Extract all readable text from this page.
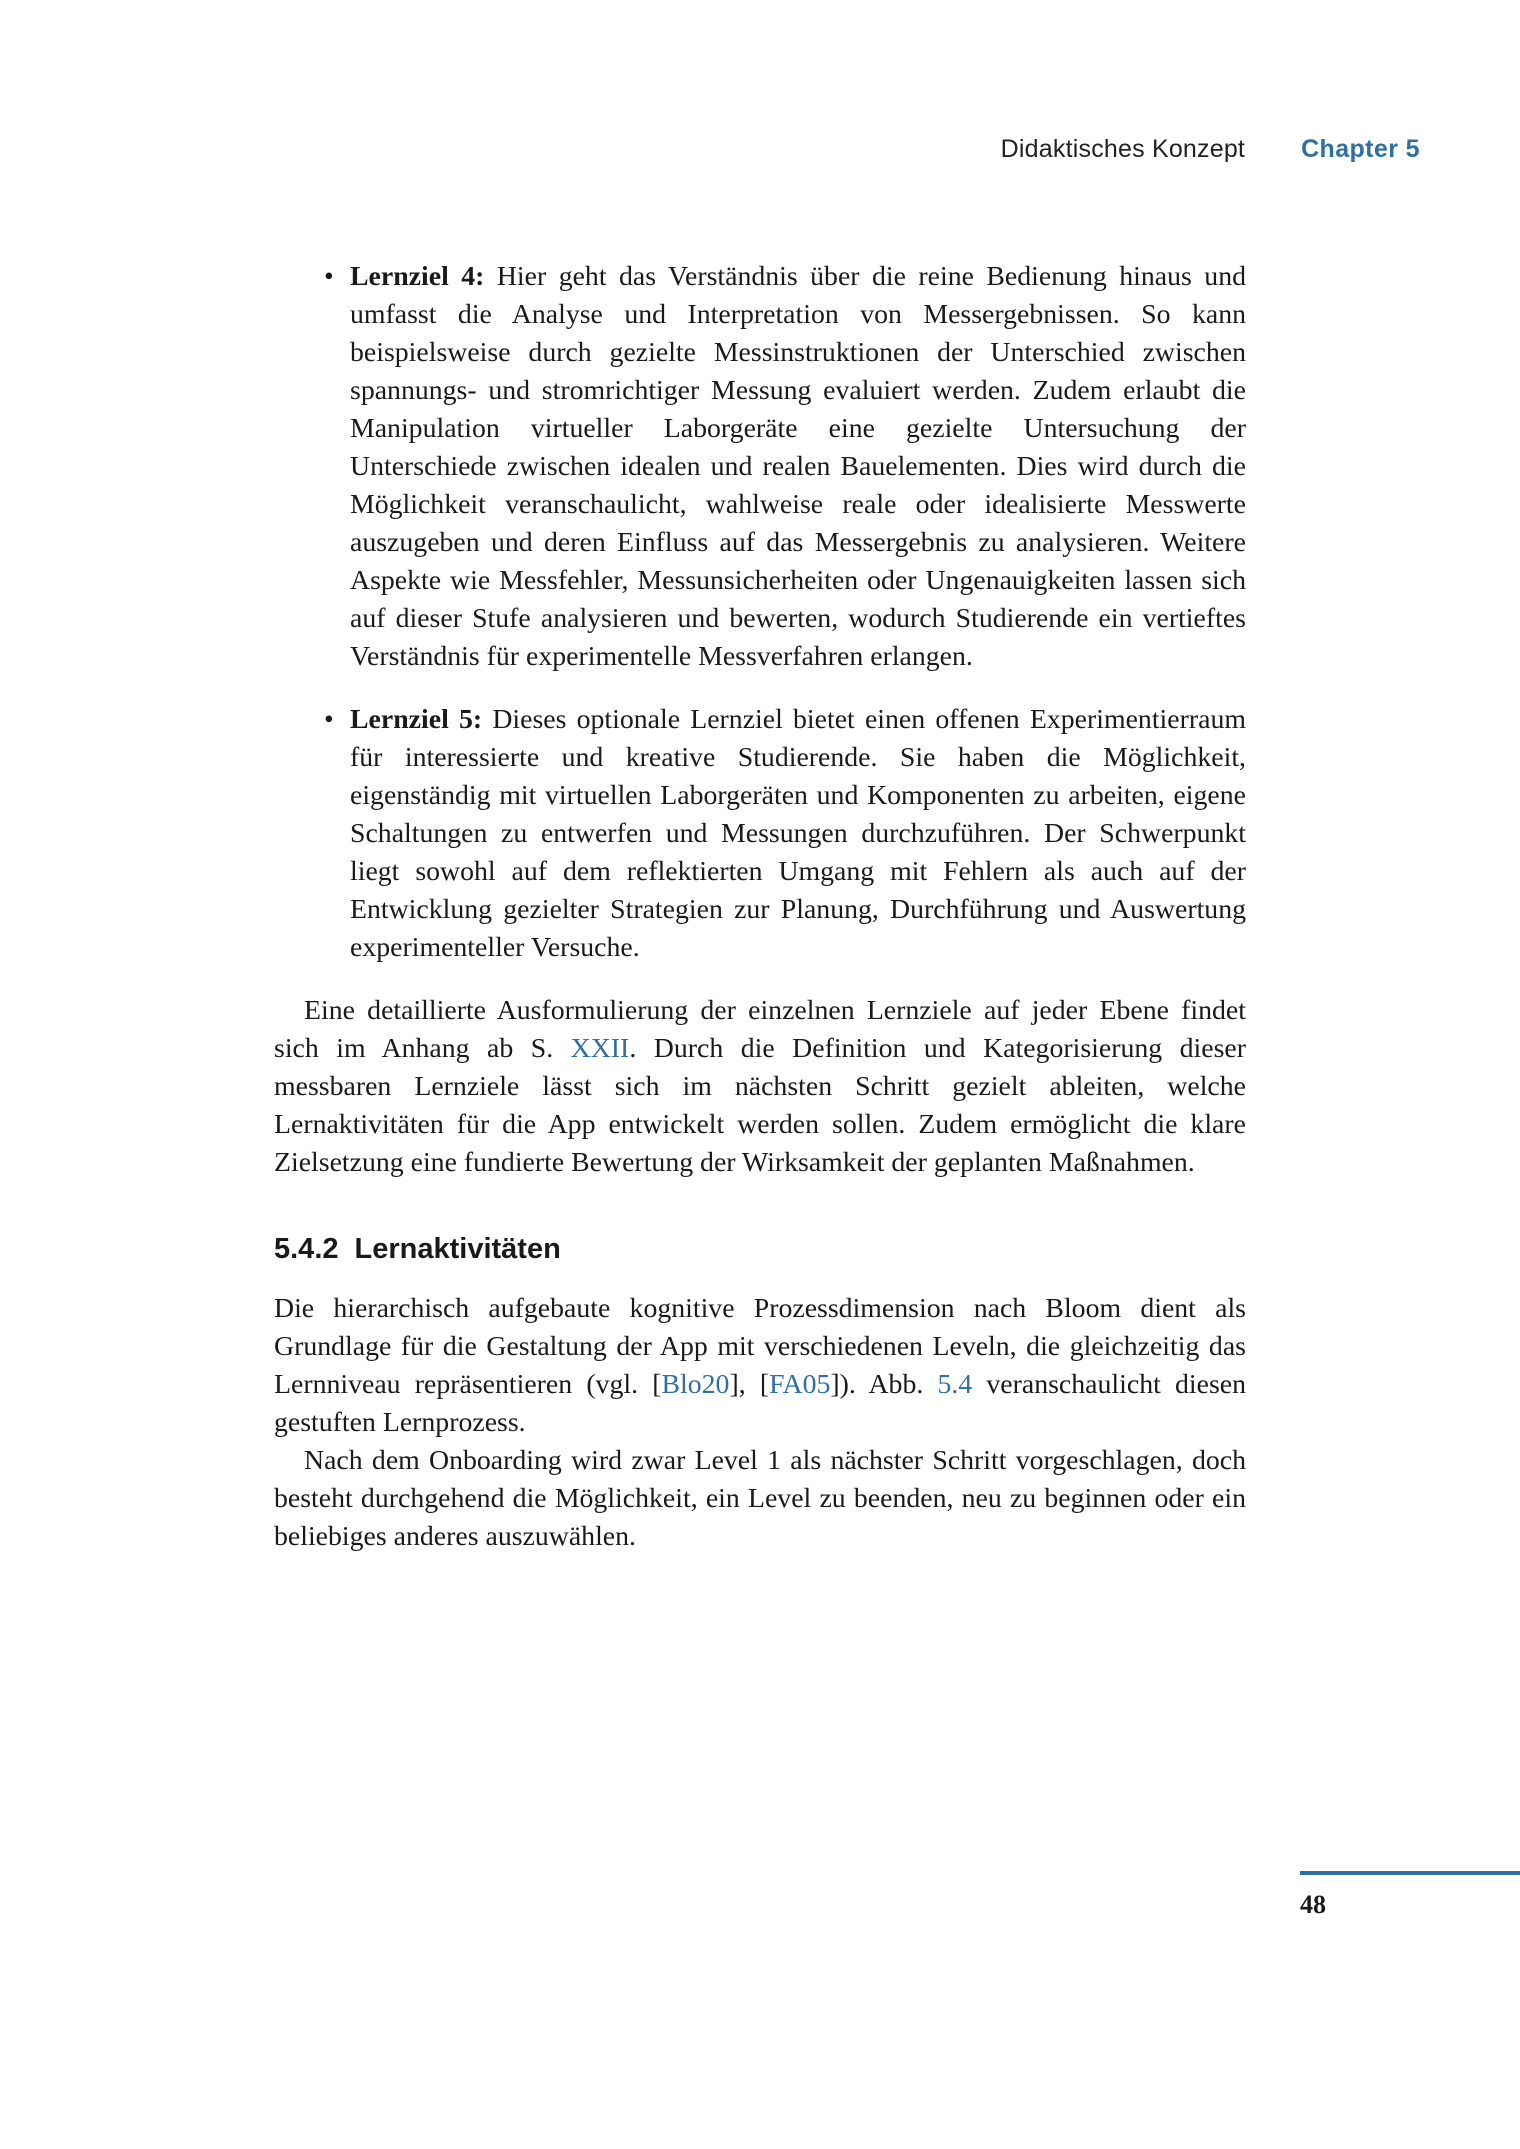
Didaktisches Konzept Chapter 5
• Lernziel 4: Hier geht das Verständnis über die reine Bedienung hinaus und umfasst die Analyse und Interpretation von Messergebnissen. So kann beispielsweise durch gezielte Messinstruktionen der Unterschied zwischen spannungs- und stromrichtiger Messung evaluiert werden. Zudem erlaubt die Manipulation virtueller Laborgeräte eine gezielte Untersuchung der Unterschiede zwischen idealen und realen Bauelementen. Dies wird durch die Möglichkeit veranschaulicht, wahlweise reale oder idealisierte Messwerte auszugeben und deren Einfluss auf das Messergebnis zu analysieren. Weitere Aspekte wie Messfehler, Messunsicherheiten oder Ungenauigkeiten lassen sich auf dieser Stufe analysieren und bewerten, wodurch Studierende ein vertieftes Verständnis für experimentelle Messverfahren erlangen.
• Lernziel 5: Dieses optionale Lernziel bietet einen offenen Experimentierraum für interessierte und kreative Studierende. Sie haben die Möglichkeit, eigenständig mit virtuellen Laborgeräten und Komponenten zu arbeiten, eigene Schaltungen zu entwerfen und Messungen durchzuführen. Der Schwerpunkt liegt sowohl auf dem reflektierten Umgang mit Fehlern als auch auf der Entwicklung gezielter Strategien zur Planung, Durchführung und Auswertung experimenteller Versuche.

Eine detaillierte Ausformulierung der einzelnen Lernziele auf jeder Ebene findet sich im Anhang ab S. XXII. Durch die Definition und Kategorisierung dieser messbaren Lernziele lässt sich im nächsten Schritt gezielt ableiten, welche Lernaktivitäten für die App entwickelt werden sollen. Zudem ermöglicht die klare Zielsetzung eine fundierte Bewertung der Wirksamkeit der geplanten Maßnahmen.

5.4.2 Lernaktivitäten

Die hierarchisch aufgebaute kognitive Prozessdimension nach Bloom dient als Grundlage für die Gestaltung der App mit verschiedenen Leveln, die gleichzeitig das Lernniveau repräsentieren (vgl. [Blo20], [FA05]). Abb. 5.4 veranschaulicht diesen gestuften Lernprozess.

Nach dem Onboarding wird zwar Level 1 als nächster Schritt vorgeschlagen, doch besteht durchgehend die Möglichkeit, ein Level zu beenden, neu zu beginnen oder ein beliebiges anderes auszuwählen.

48
